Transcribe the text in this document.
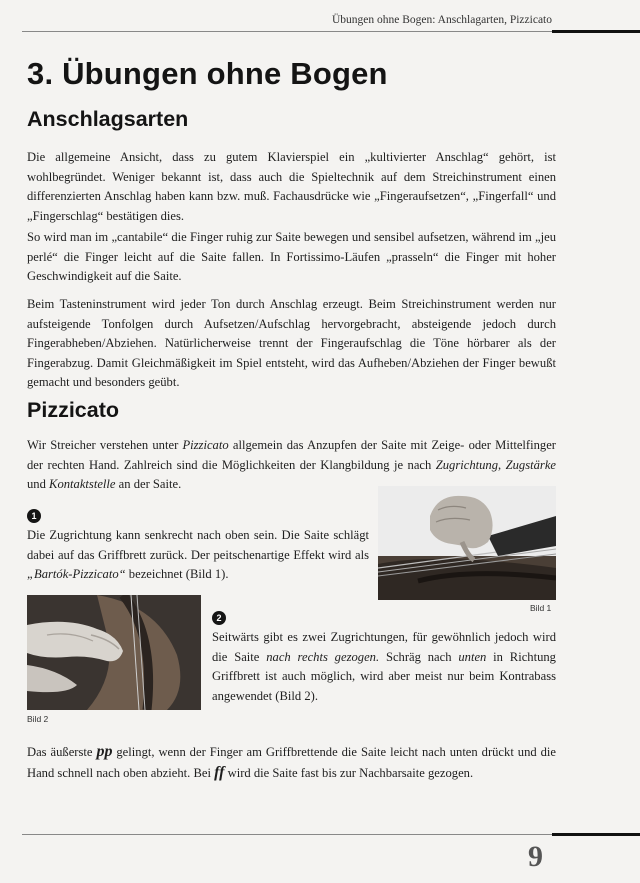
Übungen ohne Bogen: Anschlagarten, Pizzicato
3. Übungen ohne Bogen
Anschlagsarten

Die allgemeine Ansicht, dass zu gutem Klavierspiel ein „kultivierter Anschlag“ gehört, ist wohlbegründet. Weniger bekannt ist, dass auch die Spieltechnik auf dem Streichinstrument einen differenzierten Anschlag haben kann bzw. muß. Fachausdrücke wie „Fingeraufsetzen“, „Fingerfall“ und „Fingerschlag“ bestätigen dies.

So wird man im „cantabile“ die Finger ruhig zur Saite bewegen und sensibel aufsetzen, während im „jeu perlé“ die Finger leicht auf die Saite fallen. In Fortissimo-Läufen „prasseln“ die Finger mit hoher Geschwindigkeit auf die Saite.

Beim Tasteninstrument wird jeder Ton durch Anschlag erzeugt. Beim Streichinstrument werden nur aufsteigende Tonfolgen durch Aufsetzen/Aufschlag hervorgebracht, absteigende jedoch durch Fingerabheben/Abziehen. Natürlicherweise trennt der Fingeraufschlag die Töne hörbarer als der Fingerabzug. Damit Gleichmäßigkeit im Spiel entsteht, wird das Aufheben/Abziehen der Finger bewußt gemacht und besonders geübt.

Pizzicato

Wir Streicher verstehen unter Pizzicato allgemein das Anzupfen der Saite mit Zeige- oder Mittelfinger der rechten Hand. Zahlreich sind die Möglichkeiten der Klangbildung je nach Zugrichtung, Zugstärke und Kontaktstelle an der Saite.

1

Die Zugrichtung kann senkrecht nach oben sein. Die Saite schlägt dabei auf das Griffbrett zurück. Der peitschenartige Effekt wird als „Bartók-Pizzicato“ bezeichnet (Bild 1).

Bild 1
Bild 2
2

Seitwärts gibt es zwei Zugrichtungen, für gewöhnlich jedoch wird die Saite nach rechts gezogen. Schräg nach unten in Richtung Griffbrett ist auch möglich, wird aber meist nur beim Kontrabass angewendet (Bild 2).

Das äußerste pp gelingt, wenn der Finger am Griffbrettende die Saite leicht nach unten drückt und die Hand schnell nach oben abzieht. Bei ff wird die Saite fast bis zur Nachbarsaite gezogen.

9
